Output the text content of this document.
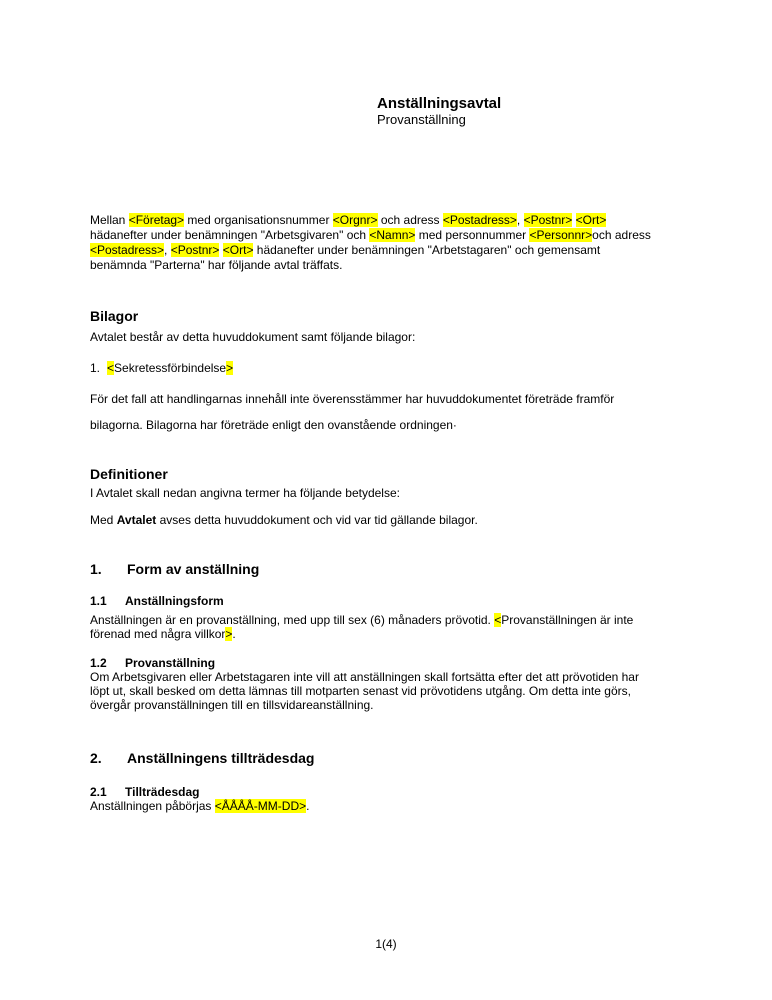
Anställningsavtal
Provanställning
Mellan <Företag> med organisationsnummer <Orgnr> och adress <Postadress>, <Postnr> <Ort>
hädanefter under benämningen "Arbetsgivaren" och <Namn> med personnummer <Personnr>och adress
<Postadress>, <Postnr> <Ort> hädanefter under benämningen "Arbetstagaren" och gemensamt
benämnda "Parterna" har följande avtal träffats.
Bilagor
Avtalet består av detta huvuddokument samt följande bilagor:
1. <Sekretessförbindelse>
För det fall att handlingarnas innehåll inte överensstämmer har huvuddokumentet företräde framför
bilagorna. Bilagorna har företräde enligt den ovanstående ordningen·
Definitioner
I Avtalet skall nedan angivna termer ha följande betydelse:
Med Avtalet avses detta huvuddokument och vid var tid gällande bilagor.
1. Form av anställning
1.1 Anställningsform
Anställningen är en provanställning, med upp till sex (6) månaders prövotid. <Provanställningen är inte
förenad med några villkor>.
1.2 Provanställning
Om Arbetsgivaren eller Arbetstagaren inte vill att anställningen skall fortsätta efter det att prövotiden har
löpt ut, skall besked om detta lämnas till motparten senast vid prövotidens utgång. Om detta inte görs,
övergår provanställningen till en tillsvidareanställning.
2. Anställningens tillträdesdag
2.1 Tillträdesdag
Anställningen påbörjas <ÅÅÅÅ-MM-DD>.
1(4)
